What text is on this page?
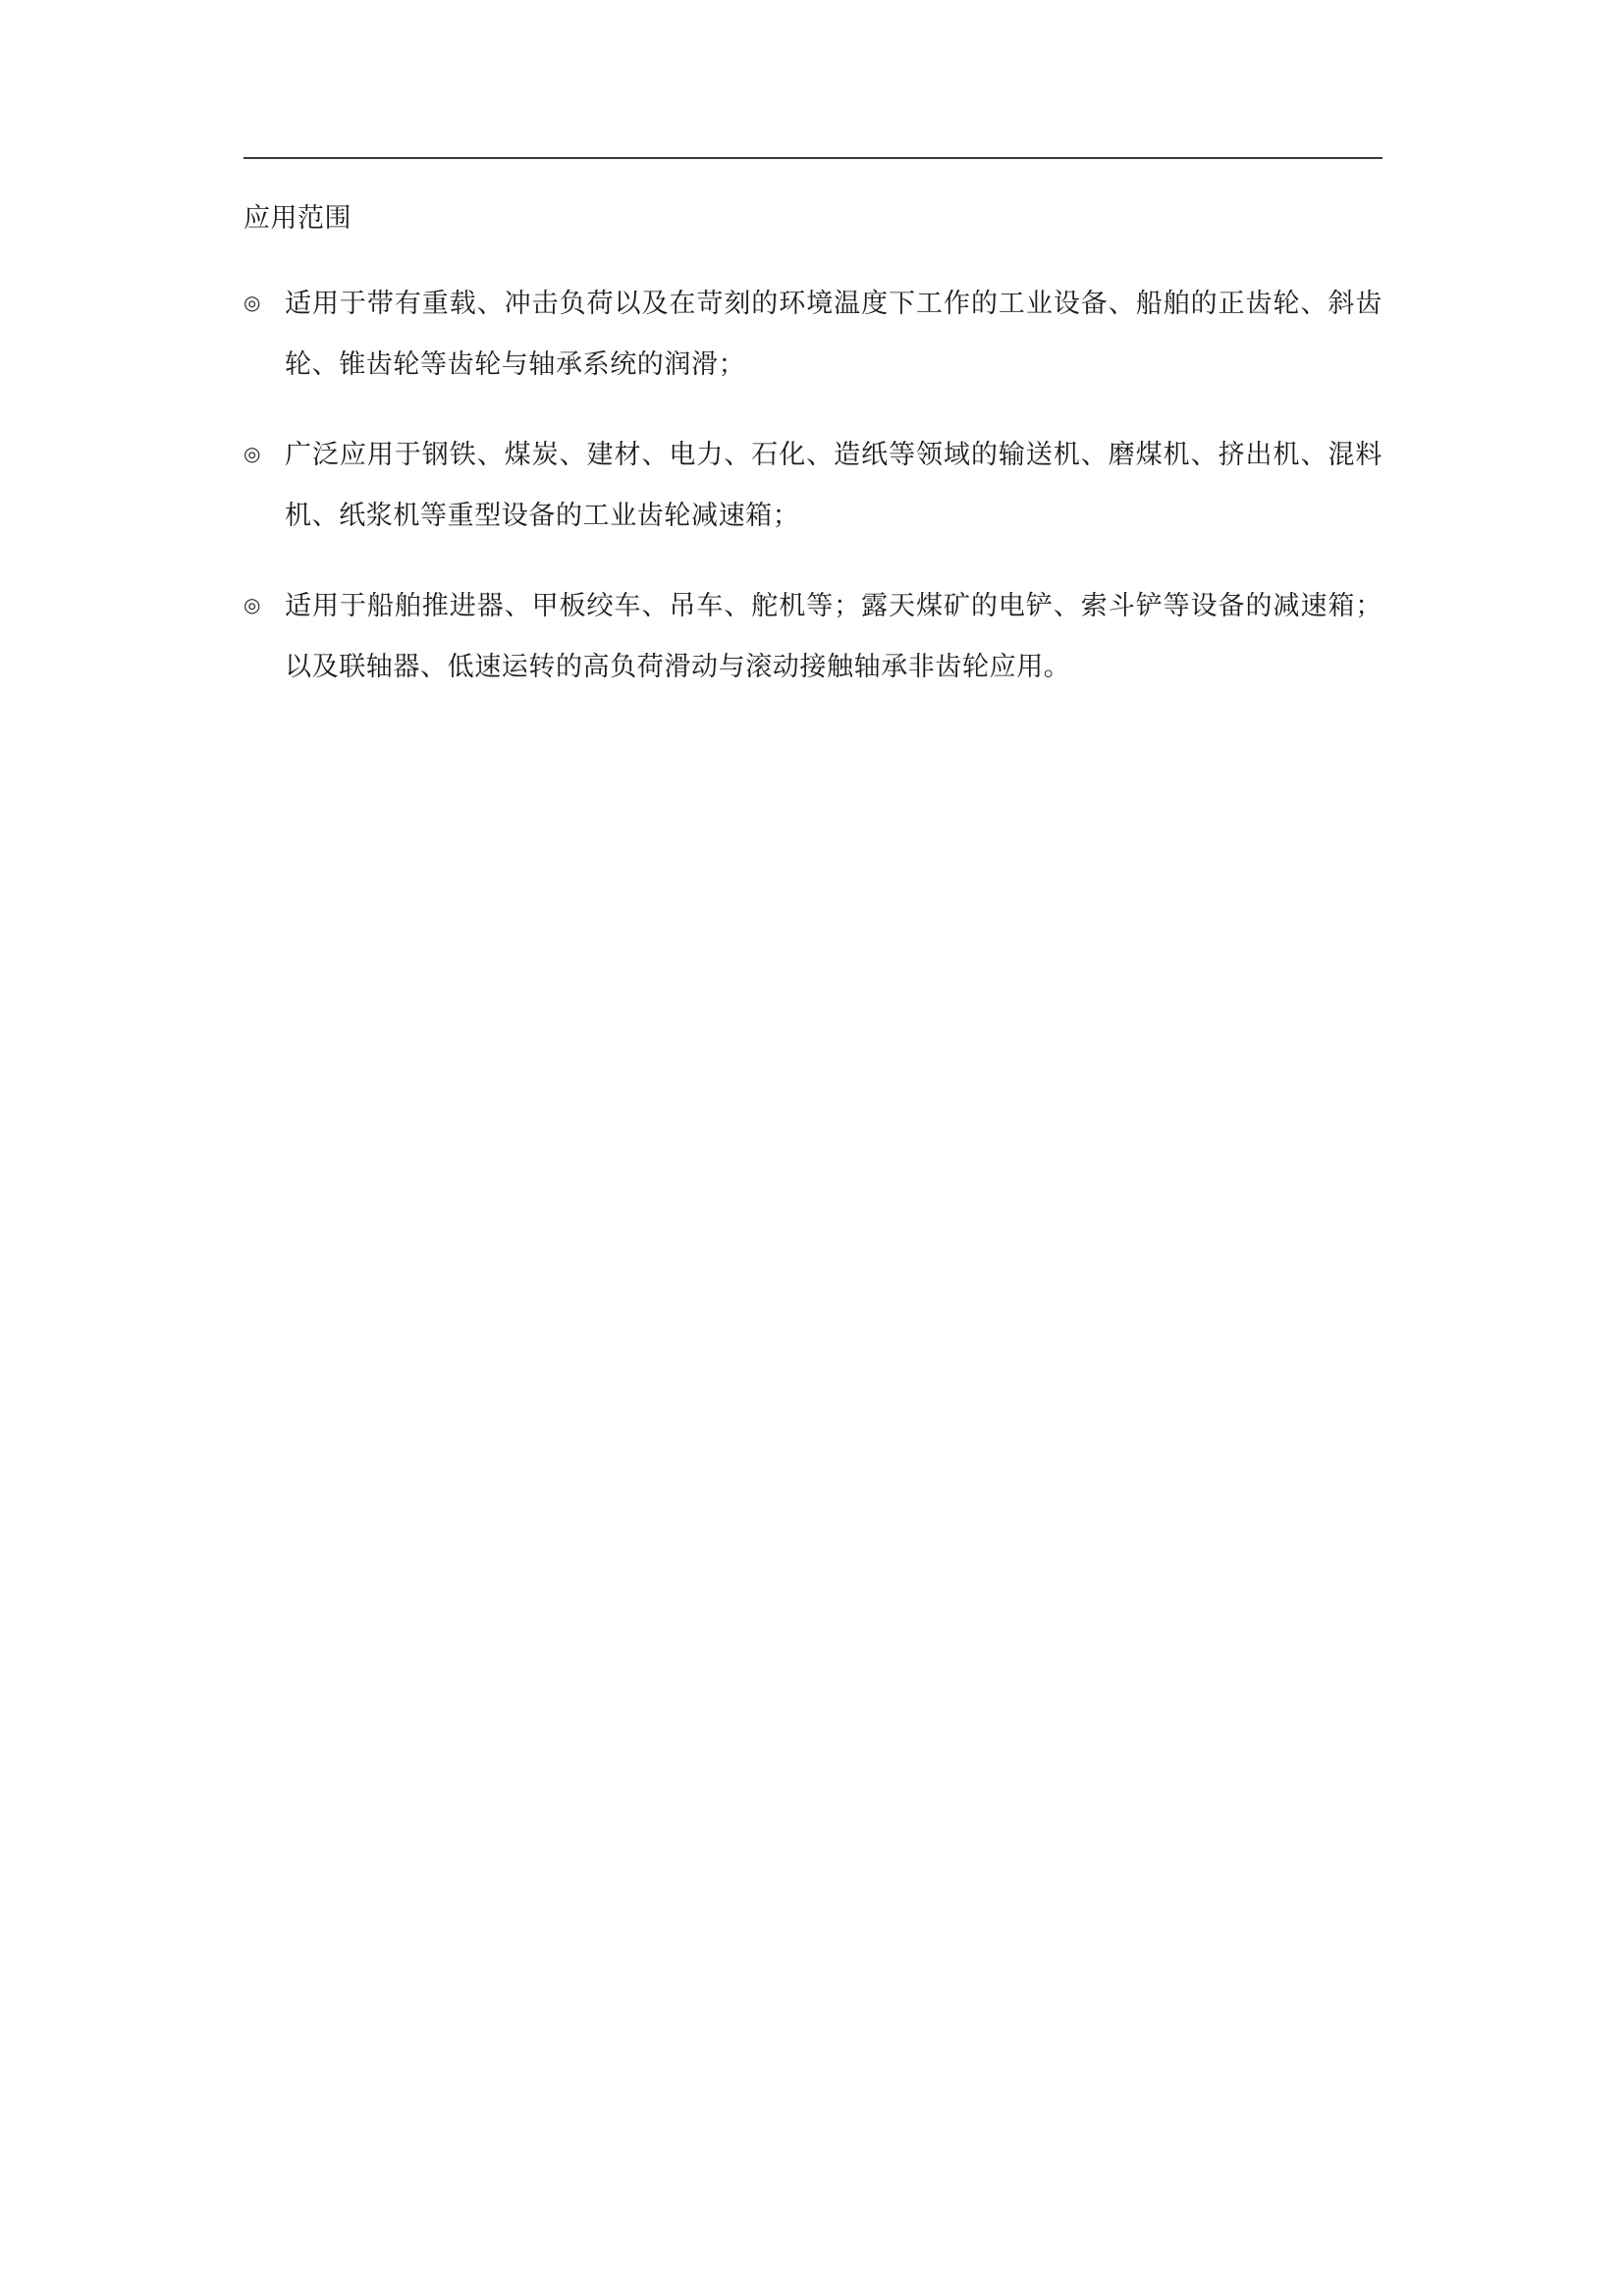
应用范围
◎ 适用于带有重载、冲击负荷以及在苛刻的环境温度下工作的工业设备、船舶的正齿轮、斜齿轮、锥齿轮等齿轮与轴承系统的润滑；
◎ 广泛应用于钢铁、煤炭、建材、电力、石化、造纸等领域的输送机、磨煤机、挤出机、混料机、纸浆机等重型设备的工业齿轮减速箱；
◎ 适用于船舶推进器、甲板绞车、吊车、舵机等；露天煤矿的电铲、索斗铲等设备的减速箱；以及联轴器、低速运转的高负荷滑动与滚动接触轴承非齿轮应用。
